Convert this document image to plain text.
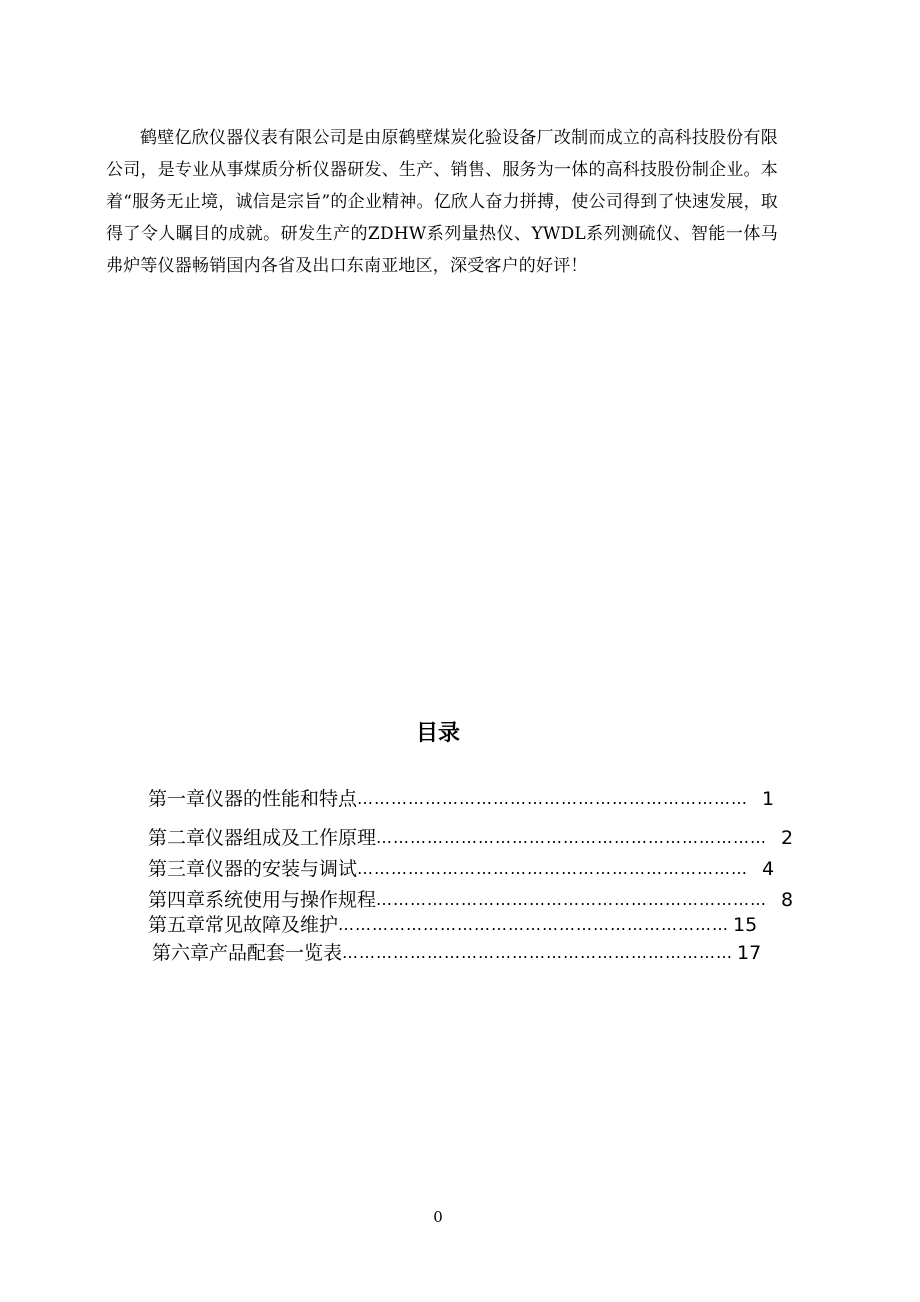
鹤壁亿欣仪器仪表有限公司是由原鹤壁煤炭化验设备厂改制而成立的高科技股份有限公司，是专业从事煤质分析仪器研发、生产、销售、服务为一体的高科技股份制企业。本着“服务无止境，诚信是宗旨”的企业精神。亿欣人奋力拼搏，使公司得到了快速发展，取得了令人瞩目的成就。研发生产的ZDHW系列量热仪、YWDL系列测硫仪、智能一体马弗炉等仪器畅销国内各省及出口东南亚地区，深受客户的好评！

目录
第一章 仪器的性能和特点 …………………………………………………………… 1
第二章 仪器组成及工作原理 …………………………………………………………… 2
第三章 仪器的安装与调试 …………………………………………………………… 4
第四章 系统使用与操作规程 …………………………………………………………… 8
第五章 常见故障及维护 …………………………………………………………… 15
第六章 产品配套一览表 …………………………………………………………… 17

0
